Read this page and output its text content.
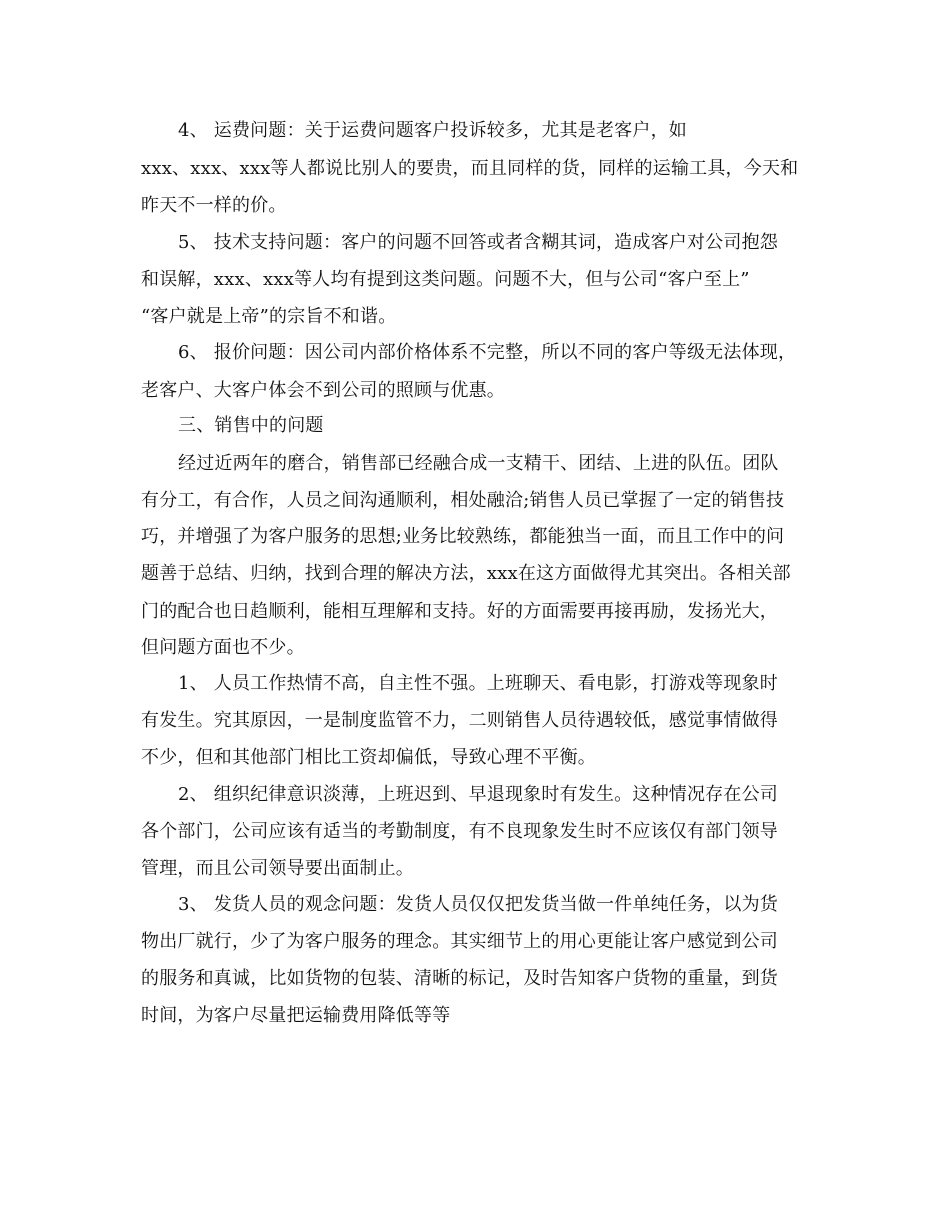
4、 运费问题：关于运费问题客户投诉较多，尤其是老客户，如
xxx、xxx、xxx等人都说比别人的要贵，而且同样的货，同样的运输工具，今天和
昨天不一样的价。
5、 技术支持问题：客户的问题不回答或者含糊其词，造成客户对公司抱怨
和误解，xxx、xxx等人均有提到这类问题。问题不大，但与公司“客户至上”
“客户就是上帝”的宗旨不和谐。
6、 报价问题：因公司内部价格体系不完整，所以不同的客户等级无法体现，
老客户、大客户体会不到公司的照顾与优惠。
三、销售中的问题
经过近两年的磨合，销售部已经融合成一支精干、团结、上进的队伍。团队
有分工，有合作，人员之间沟通顺利，相处融洽;销售人员已掌握了一定的销售技
巧，并增强了为客户服务的思想;业务比较熟练，都能独当一面，而且工作中的问
题善于总结、归纳，找到合理的解决方法，xxx在这方面做得尤其突出。各相关部
门的配合也日趋顺利，能相互理解和支持。好的方面需要再接再励，发扬光大，
但问题方面也不少。
1、 人员工作热情不高，自主性不强。上班聊天、看电影，打游戏等现象时
有发生。究其原因，一是制度监管不力，二则销售人员待遇较低，感觉事情做得
不少，但和其他部门相比工资却偏低，导致心理不平衡。
2、 组织纪律意识淡薄，上班迟到、早退现象时有发生。这种情况存在公司
各个部门，公司应该有适当的考勤制度，有不良现象发生时不应该仅有部门领导
管理，而且公司领导要出面制止。
3、 发货人员的观念问题：发货人员仅仅把发货当做一件单纯任务，以为货
物出厂就行，少了为客户服务的理念。其实细节上的用心更能让客户感觉到公司
的服务和真诚，比如货物的包装、清晰的标记，及时告知客户货物的重量，到货
时间，为客户尽量把运输费用降低等等
